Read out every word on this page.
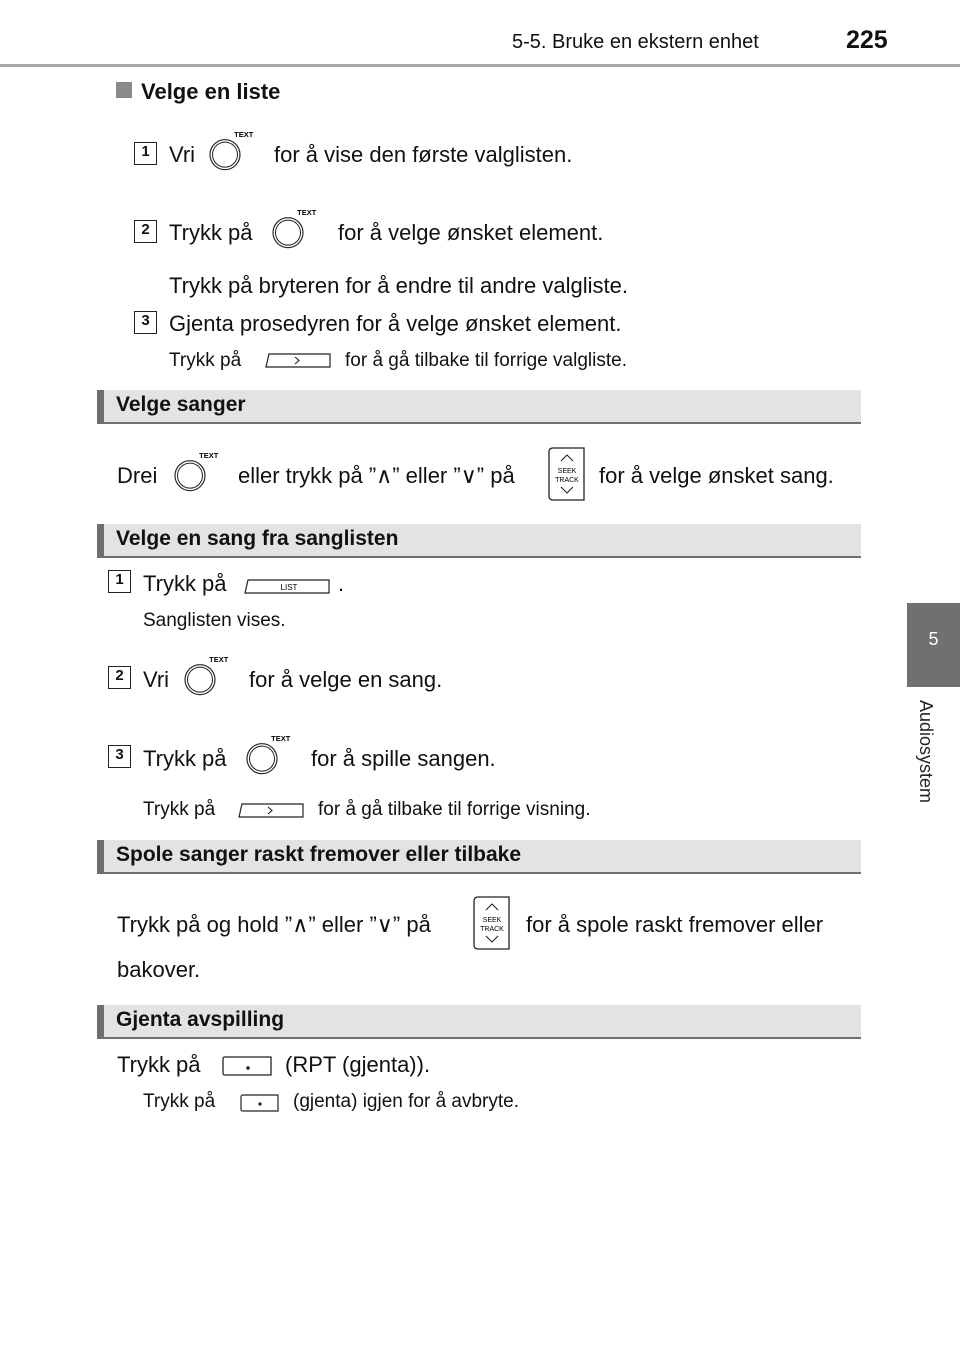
5-5. Bruke en ekstern enhet	225
5
Audiosystem
Velge en liste
1 Vri
TEXT
for å vise den første valglisten.
2 Trykk på
TEXT
for å velge ønsket element.
Trykk på bryteren for å endre til andre valgliste.
3 Gjenta prosedyren for å velge ønsket element.
Trykk på	for å gå tilbake til forrige valgliste.
Velge sanger
Drei
TEXT
eller trykk på ”∧” eller ”∨” på	SEEK
TRACK for å velge ønsket sang.
Velge en sang fra sanglisten
1 Trykk på	LIST .
Sanglisten vises.
2 Vri
TEXT
for å velge en sang.
3 Trykk på
TEXT
for å spille sangen.
Trykk på	for å gå tilbake til forrige visning.
Spole sanger raskt fremover eller tilbake
Trykk på og hold ”∧” eller ”∨” på	SEEK
TRACK for å spole raskt fremover eller
bakover.
Gjenta avspilling
Trykk på	(RPT (gjenta)).
Trykk på	(gjenta) igjen for å avbryte.
